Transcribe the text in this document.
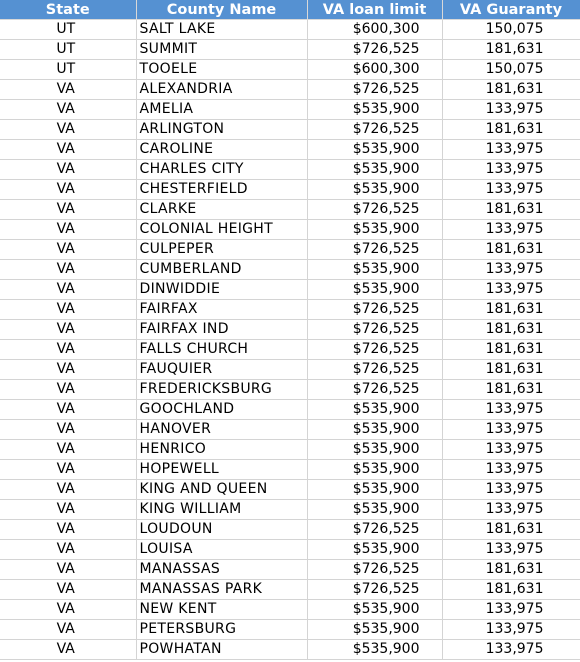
State	County Name	VA loan limit	VA Guaranty
UT	SALT LAKE	$600,300	150,075
UT	SUMMIT	$726,525	181,631
UT	TOOELE	$600,300	150,075
VA	ALEXANDRIA	$726,525	181,631
VA	AMELIA	$535,900	133,975
VA	ARLINGTON	$726,525	181,631
VA	CAROLINE	$535,900	133,975
VA	CHARLES CITY	$535,900	133,975
VA	CHESTERFIELD	$535,900	133,975
VA	CLARKE	$726,525	181,631
VA	COLONIAL HEIGHT	$535,900	133,975
VA	CULPEPER	$726,525	181,631
VA	CUMBERLAND	$535,900	133,975
VA	DINWIDDIE	$535,900	133,975
VA	FAIRFAX	$726,525	181,631
VA	FAIRFAX IND	$726,525	181,631
VA	FALLS CHURCH	$726,525	181,631
VA	FAUQUIER	$726,525	181,631
VA	FREDERICKSBURG	$726,525	181,631
VA	GOOCHLAND	$535,900	133,975
VA	HANOVER	$535,900	133,975
VA	HENRICO	$535,900	133,975
VA	HOPEWELL	$535,900	133,975
VA	KING AND QUEEN	$535,900	133,975
VA	KING WILLIAM	$535,900	133,975
VA	LOUDOUN	$726,525	181,631
VA	LOUISA	$535,900	133,975
VA	MANASSAS	$726,525	181,631
VA	MANASSAS PARK	$726,525	181,631
VA	NEW KENT	$535,900	133,975
VA	PETERSBURG	$535,900	133,975
VA	POWHATAN	$535,900	133,975
